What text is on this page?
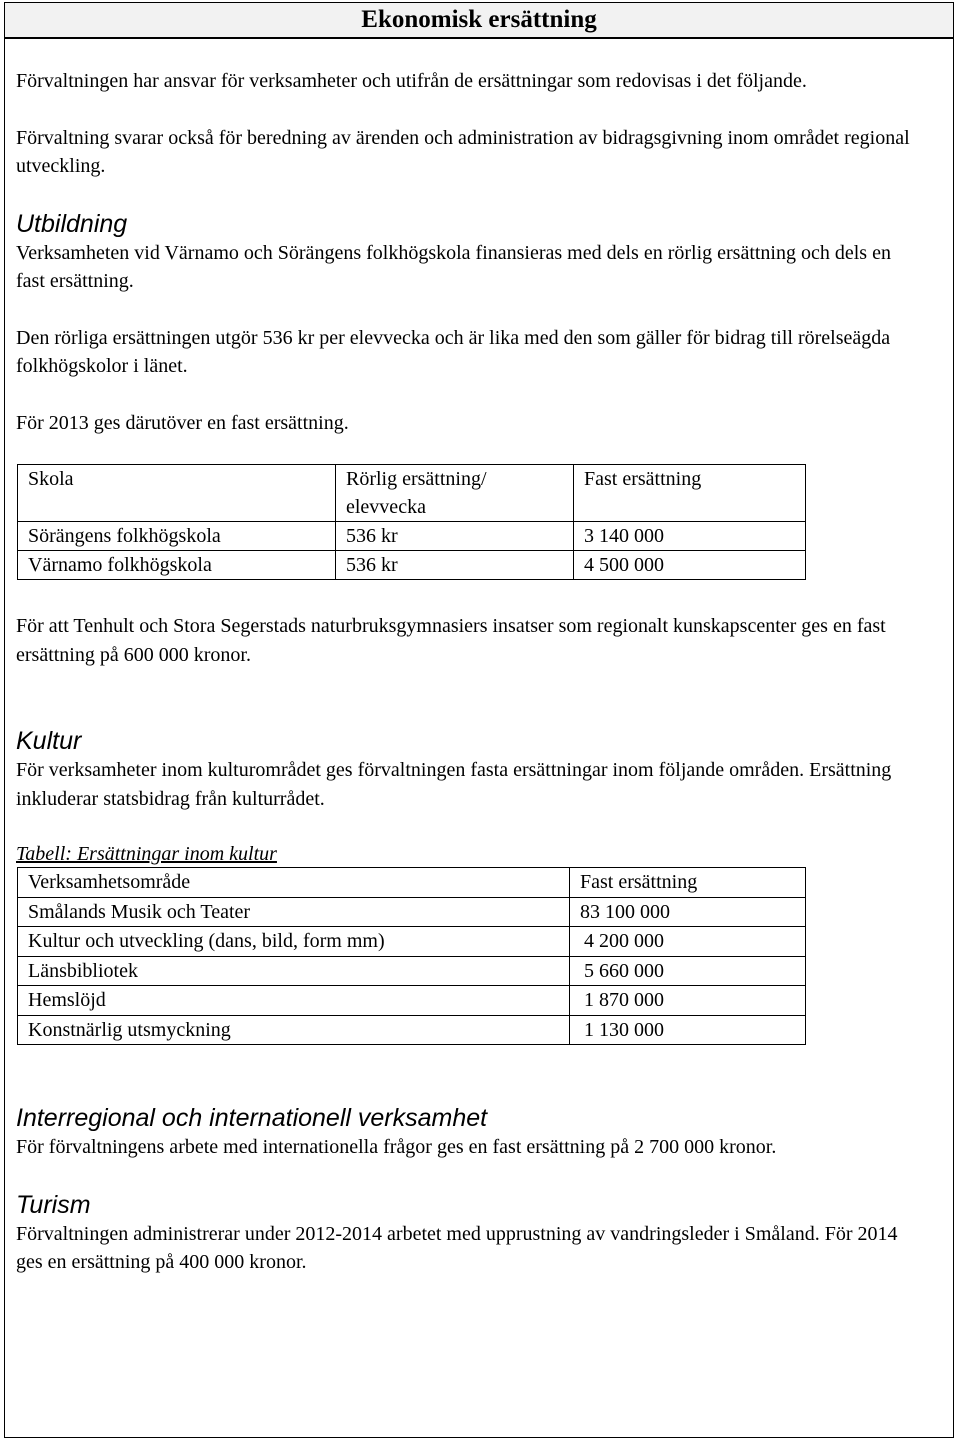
Ekonomisk ersättning

Förvaltningen har ansvar för verksamheter och utifrån de ersättningar som redovisas i det följande.

Förvaltning svarar också för beredning av ärenden och administration av bidragsgivning inom området regional utveckling.

Utbildning

Verksamheten vid Värnamo och Sörängens folkhögskola finansieras med dels en rörlig ersättning och dels en fast ersättning.

Den rörliga ersättningen utgör 536 kr per elevvecka och är lika med den som gäller för bidrag till rörelseägda folkhögskolor i länet.

För 2013 ges därutöver en fast ersättning.

Skola	Rörlig ersättning/ elevvecka	Fast ersättning
Sörängens folkhögskola	536 kr	3 140 000
Värnamo folkhögskola	536 kr	4 500 000

För att Tenhult och Stora Segerstads naturbruksgymnasiers insatser som regionalt kunskapscenter ges en fast ersättning på 600 000 kronor.

Kultur

För verksamheter inom kulturområdet ges förvaltningen fasta ersättningar inom följande områden. Ersättning inkluderar statsbidrag från kulturrådet.

Tabell: Ersättningar inom kultur

Verksamhetsområde	Fast ersättning
Smålands Musik och Teater	83 100 000
Kultur och utveckling (dans, bild, form mm)	4 200 000
Länsbibliotek	5 660 000
Hemslöjd	1 870 000
Konstnärlig utsmyckning	1 130 000
Interregional och internationell verksamhet

För förvaltningens arbete med internationella frågor ges en fast ersättning på 2 700 000 kronor.

Turism

Förvaltningen administrerar under 2012-2014 arbetet med upprustning av vandringsleder i Småland. För 2014 ges en ersättning på 400 000 kronor.
